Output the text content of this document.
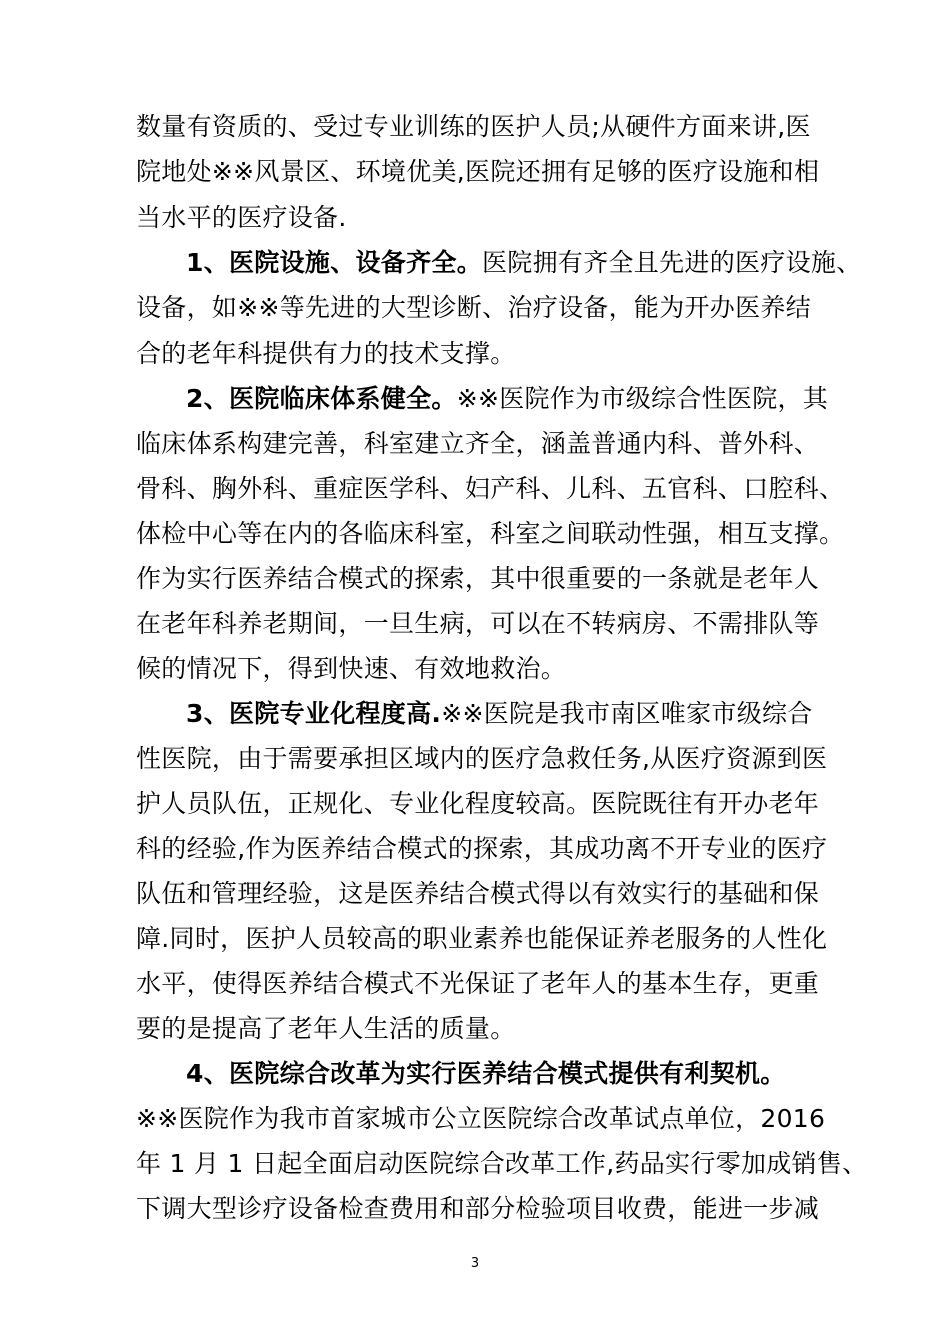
数量有资质的、受过专业训练的医护人员;从硬件方面来讲,医
院地处※※风景区、环境优美,医院还拥有足够的医疗设施和相
当水平的医疗设备.
1、医院设施、设备齐全。医院拥有齐全且先进的医疗设施、
设备，如※※等先进的大型诊断、治疗设备，能为开办医养结
合的老年科提供有力的技术支撑。
2、医院临床体系健全。※※医院作为市级综合性医院，其
临床体系构建完善，科室建立齐全，涵盖普通内科、普外科、
骨科、胸外科、重症医学科、妇产科、儿科、五官科、口腔科、
体检中心等在内的各临床科室，科室之间联动性强，相互支撑。
作为实行医养结合模式的探索，其中很重要的一条就是老年人
在老年科养老期间，一旦生病，可以在不转病房、不需排队等
候的情况下，得到快速、有效地救治。
3、医院专业化程度高.※※医院是我市南区唯家市级综合
性医院，由于需要承担区域内的医疗急救任务,从医疗资源到医
护人员队伍，正规化、专业化程度较高。医院既往有开办老年
科的经验,作为医养结合模式的探索，其成功离不开专业的医疗
队伍和管理经验，这是医养结合模式得以有效实行的基础和保
障.同时，医护人员较高的职业素养也能保证养老服务的人性化
水平，使得医养结合模式不光保证了老年人的基本生存，更重
要的是提高了老年人生活的质量。
4、医院综合改革为实行医养结合模式提供有利契机。
※※医院作为我市首家城市公立医院综合改革试点单位，2016
年 1 月 1 日起全面启动医院综合改革工作,药品实行零加成销售、
下调大型诊疗设备检查费用和部分检验项目收费，能进一步减
3
